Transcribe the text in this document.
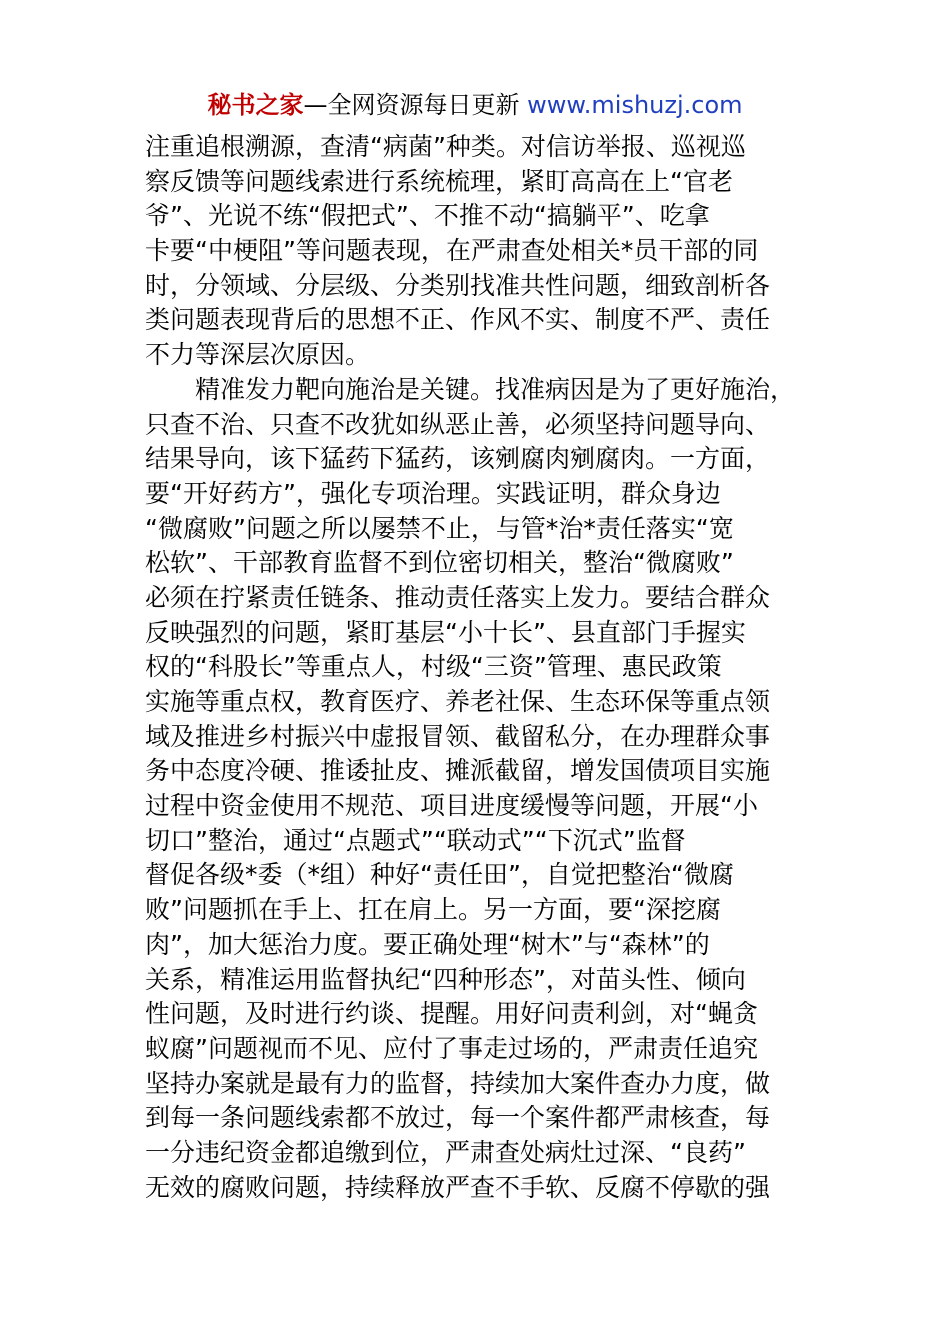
秘书之家—全网资源每日更新 www.mishuzj.com
注重追根溯源，查清“病菌”种类。对信访举报、巡视巡
察反馈等问题线索进行系统梳理，紧盯高高在上“官老
爷”、光说不练“假把式”、不推不动“搞躺平”、吃拿
卡要“中梗阻”等问题表现，在严肃查处相关*员干部的同
时，分领域、分层级、分类别找准共性问题，细致剖析各
类问题表现背后的思想不正、作风不实、制度不严、责任
不力等深层次原因。
　　精准发力靶向施治是关键。找准病因是为了更好施治，
只查不治、只查不改犹如纵恶止善，必须坚持问题导向、
结果导向，该下猛药下猛药，该剜腐肉剜腐肉。一方面，
要“开好药方”，强化专项治理。实践证明，群众身边
“微腐败”问题之所以屡禁不止，与管*治*责任落实“宽
松软”、干部教育监督不到位密切相关，整治“微腐败”
必须在拧紧责任链条、推动责任落实上发力。要结合群众
反映强烈的问题，紧盯基层“小十长”、县直部门手握实
权的“科股长”等重点人，村级“三资”管理、惠民政策
实施等重点权，教育医疗、养老社保、生态环保等重点领
域及推进乡村振兴中虚报冒领、截留私分，在办理群众事
务中态度冷硬、推诿扯皮、摊派截留，增发国债项目实施
过程中资金使用不规范、项目进度缓慢等问题，开展“小
切口”整治，通过“点题式”“联动式”“下沉式”监督
督促各级*委（*组）种好“责任田”，自觉把整治“微腐
败”问题抓在手上、扛在肩上。另一方面，要“深挖腐
肉”，加大惩治力度。要正确处理“树木”与“森林”的
关系，精准运用监督执纪“四种形态”，对苗头性、倾向
性问题，及时进行约谈、提醒。用好问责利剑，对“蝇贪
蚁腐”问题视而不见、应付了事走过场的，严肃责任追究
坚持办案就是最有力的监督，持续加大案件查办力度，做
到每一条问题线索都不放过，每一个案件都严肃核查，每
一分违纪资金都追缴到位，严肃查处病灶过深、“良药”
无效的腐败问题，持续释放严查不手软、反腐不停歇的强
